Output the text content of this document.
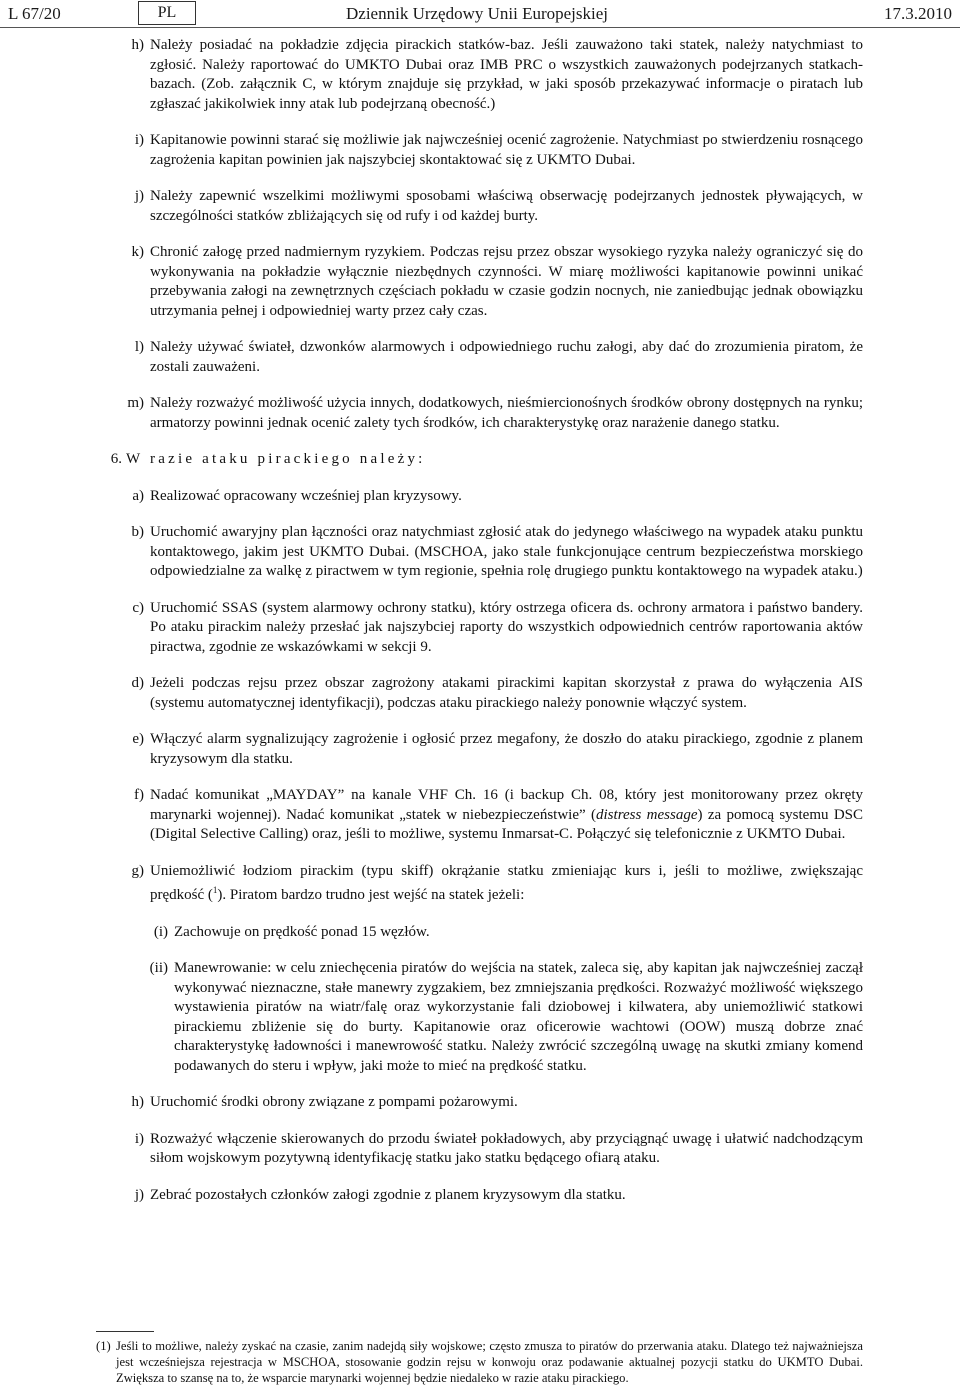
L 67/20	PL	Dziennik Urzędowy Unii Europejskiej	17.3.2010
h) Należy posiadać na pokładzie zdjęcia pirackich statków-baz. Jeśli zauważono taki statek, należy natychmiast to zgłosić. Należy raportować do UMKTO Dubai oraz IMB PRC o wszystkich zauważonych podejrzanych statkach-bazach. (Zob. załącznik C, w którym znajduje się przykład, w jaki sposób przekazywać informacje o piratach lub zgłaszać jakikolwiek inny atak lub podejrzaną obecność.)
i) Kapitanowie powinni starać się możliwie jak najwcześniej ocenić zagrożenie. Natychmiast po stwierdzeniu rosnącego zagrożenia kapitan powinien jak najszybciej skontaktować się z UKMTO Dubai.
j) Należy zapewnić wszelkimi możliwymi sposobami właściwą obserwację podejrzanych jednostek pływających, w szczególności statków zbliżających się od rufy i od każdej burty.
k) Chronić załogę przed nadmiernym ryzykiem. Podczas rejsu przez obszar wysokiego ryzyka należy ograniczyć się do wykonywania na pokładzie wyłącznie niezbędnych czynności. W miarę możliwości kapitanowie powinni unikać przebywania załogi na zewnętrznych częściach pokładu w czasie godzin nocnych, nie zaniedbując jednak obowiązku utrzymania pełnej i odpowiedniej warty przez cały czas.
l) Należy używać świateł, dzwonków alarmowych i odpowiedniego ruchu załogi, aby dać do zrozumienia piratom, że zostali zauważeni.
m) Należy rozważyć możliwość użycia innych, dodatkowych, nieśmiercionośnych środków obrony dostępnych na rynku; armatorzy powinni jednak ocenić zalety tych środków, ich charakterystykę oraz narażenie danego statku.
6. W razie ataku pirackiego należy:
a) Realizować opracowany wcześniej plan kryzysowy.
b) Uruchomić awaryjny plan łączności oraz natychmiast zgłosić atak do jedynego właściwego na wypadek ataku punktu kontaktowego, jakim jest UKMTO Dubai. (MSCHOA, jako stale funkcjonujące centrum bezpieczeństwa morskiego odpowiedzialne za walkę z piractwem w tym regionie, spełnia rolę drugiego punktu kontaktowego na wypadek ataku.)
c) Uruchomić SSAS (system alarmowy ochrony statku), który ostrzega oficera ds. ochrony armatora i państwo bandery. Po ataku pirackim należy przesłać jak najszybciej raporty do wszystkich odpowiednich centrów raportowania aktów piractwa, zgodnie ze wskazówkami w sekcji 9.
d) Jeżeli podczas rejsu przez obszar zagrożony atakami pirackimi kapitan skorzystał z prawa do wyłączenia AIS (systemu automatycznej identyfikacji), podczas ataku pirackiego należy ponownie włączyć system.
e) Włączyć alarm sygnalizujący zagrożenie i ogłosić przez megafony, że doszło do ataku pirackiego, zgodnie z planem kryzysowym dla statku.
f) Nadać komunikat „MAYDAY” na kanale VHF Ch. 16 (i backup Ch. 08, który jest monitorowany przez okręty marynarki wojennej). Nadać komunikat „statek w niebezpieczeństwie” (distress message) za pomocą systemu DSC (Digital Selective Calling) oraz, jeśli to możliwe, systemu Inmarsat-C. Połączyć się telefonicznie z UKMTO Dubai.
g) Uniemożliwić łodziom pirackim (typu skiff) okrążanie statku zmieniając kurs i, jeśli to możliwe, zwiększając prędkość ($^1$). Piratom bardzo trudno jest wejść na statek jeżeli:
(i) Zachowuje on prędkość ponad 15 węzłów.
(ii) Manewrowanie: w celu zniechęcenia piratów do wejścia na statek, zaleca się, aby kapitan jak najwcześniej zaczął wykonywać nieznaczne, stałe manewry zygzakiem, bez zmniejszania prędkości. Rozważyć możliwość większego wystawienia piratów na wiatr/falę oraz wykorzystanie fali dziobowej i kilwatera, aby uniemożliwić statkowi pirackiemu zbliżenie się do burty. Kapitanowie oraz oficerowie wachtowi (OOW) muszą dobrze znać charakterystykę ładowności i manewrowość statku. Należy zwrócić szczególną uwagę na skutki zmiany komend podawanych do steru i wpływ, jaki może to mieć na prędkość statku.
h) Uruchomić środki obrony związane z pompami pożarowymi.
i) Rozważyć włączenie skierowanych do przodu świateł pokładowych, aby przyciągnąć uwagę i ułatwić nadchodzącym siłom wojskowym pozytywną identyfikację statku jako statku będącego ofiarą ataku.
j) Zebrać pozostałych członków załogi zgodnie z planem kryzysowym dla statku.
(1) Jeśli to możliwe, należy zyskać na czasie, zanim nadejdą siły wojskowe; często zmusza to piratów do przerwania ataku. Dlatego też najważniejsza jest wcześniejsza rejestracja w MSCHOA, stosowanie godzin rejsu w konwoju oraz podawanie aktualnej pozycji statku do UKMTO Dubai. Zwiększa to szansę na to, że wsparcie marynarki wojennej będzie niedaleko w razie ataku pirackiego.
